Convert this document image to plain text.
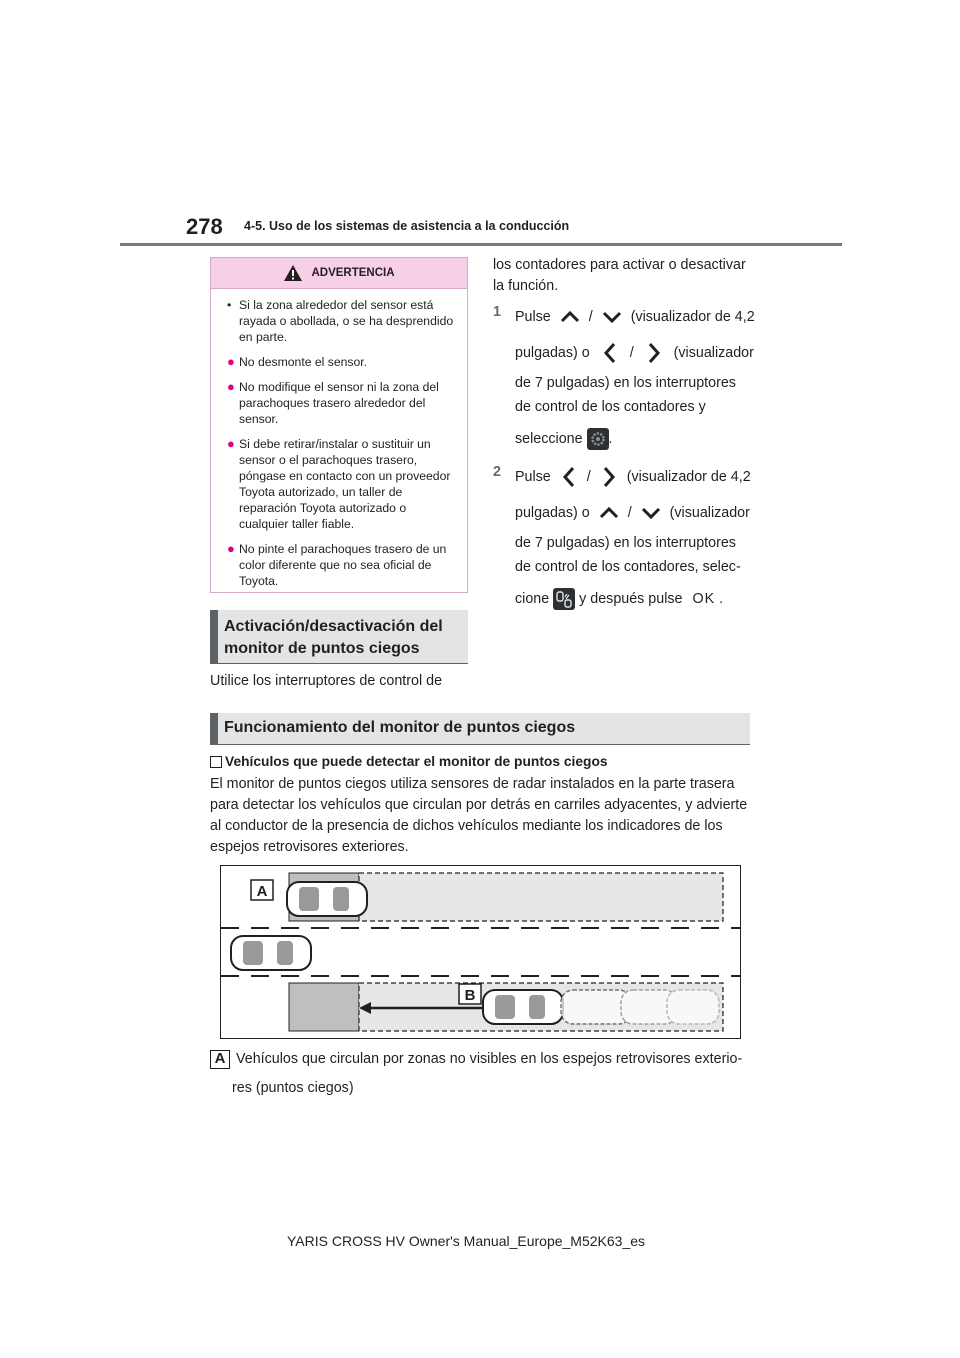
278 4-5. Uso de los sistemas de asistencia a la conducción
ADVERTENCIA
• Si la zona alrededor del sensor está rayada o abollada, o se ha desprendido en parte.
● No desmonte el sensor.
● No modifique el sensor ni la zona del parachoques trasero alrededor del sensor.
● Si debe retirar/instalar o sustituir un sensor o el parachoques trasero, póngase en contacto con un proveedor Toyota autorizado, un taller de reparación Toyota autorizado o cualquier taller fiable.
● No pinte el parachoques trasero de un color diferente que no sea oficial de Toyota.
Activación/desactivación del
monitor de puntos ciegos
Utilice los interruptores de control de
los contadores para activar o desactivar la función.
1 Pulse	/	(visualizador de 4,2
pulgadas) o	/	(visualizador
de 7 pulgadas) en los interruptores
de control de los contadores y
seleccione .
2 Pulse	/	(visualizador de 4,2
pulgadas) o	/	(visualizador
de 7 pulgadas) en los interruptores
de control de los contadores, selec-
cione y después pulse OK .
Funcionamiento del monitor de puntos ciegos
Vehículos que puede detectar el monitor de puntos ciegos
El monitor de puntos ciegos utiliza sensores de radar instalados en la parte trasera para detectar los vehículos que circulan por detrás en carriles adyacentes, y advierte al conductor de la presencia de dichos vehículos mediante los indicadores de los espejos retrovisores exteriores.
A
B
A Vehículos que circulan por zonas no visibles en los espejos retrovisores exterio-
res (puntos ciegos)
YARIS CROSS HV Owner's Manual_Europe_M52K63_es
